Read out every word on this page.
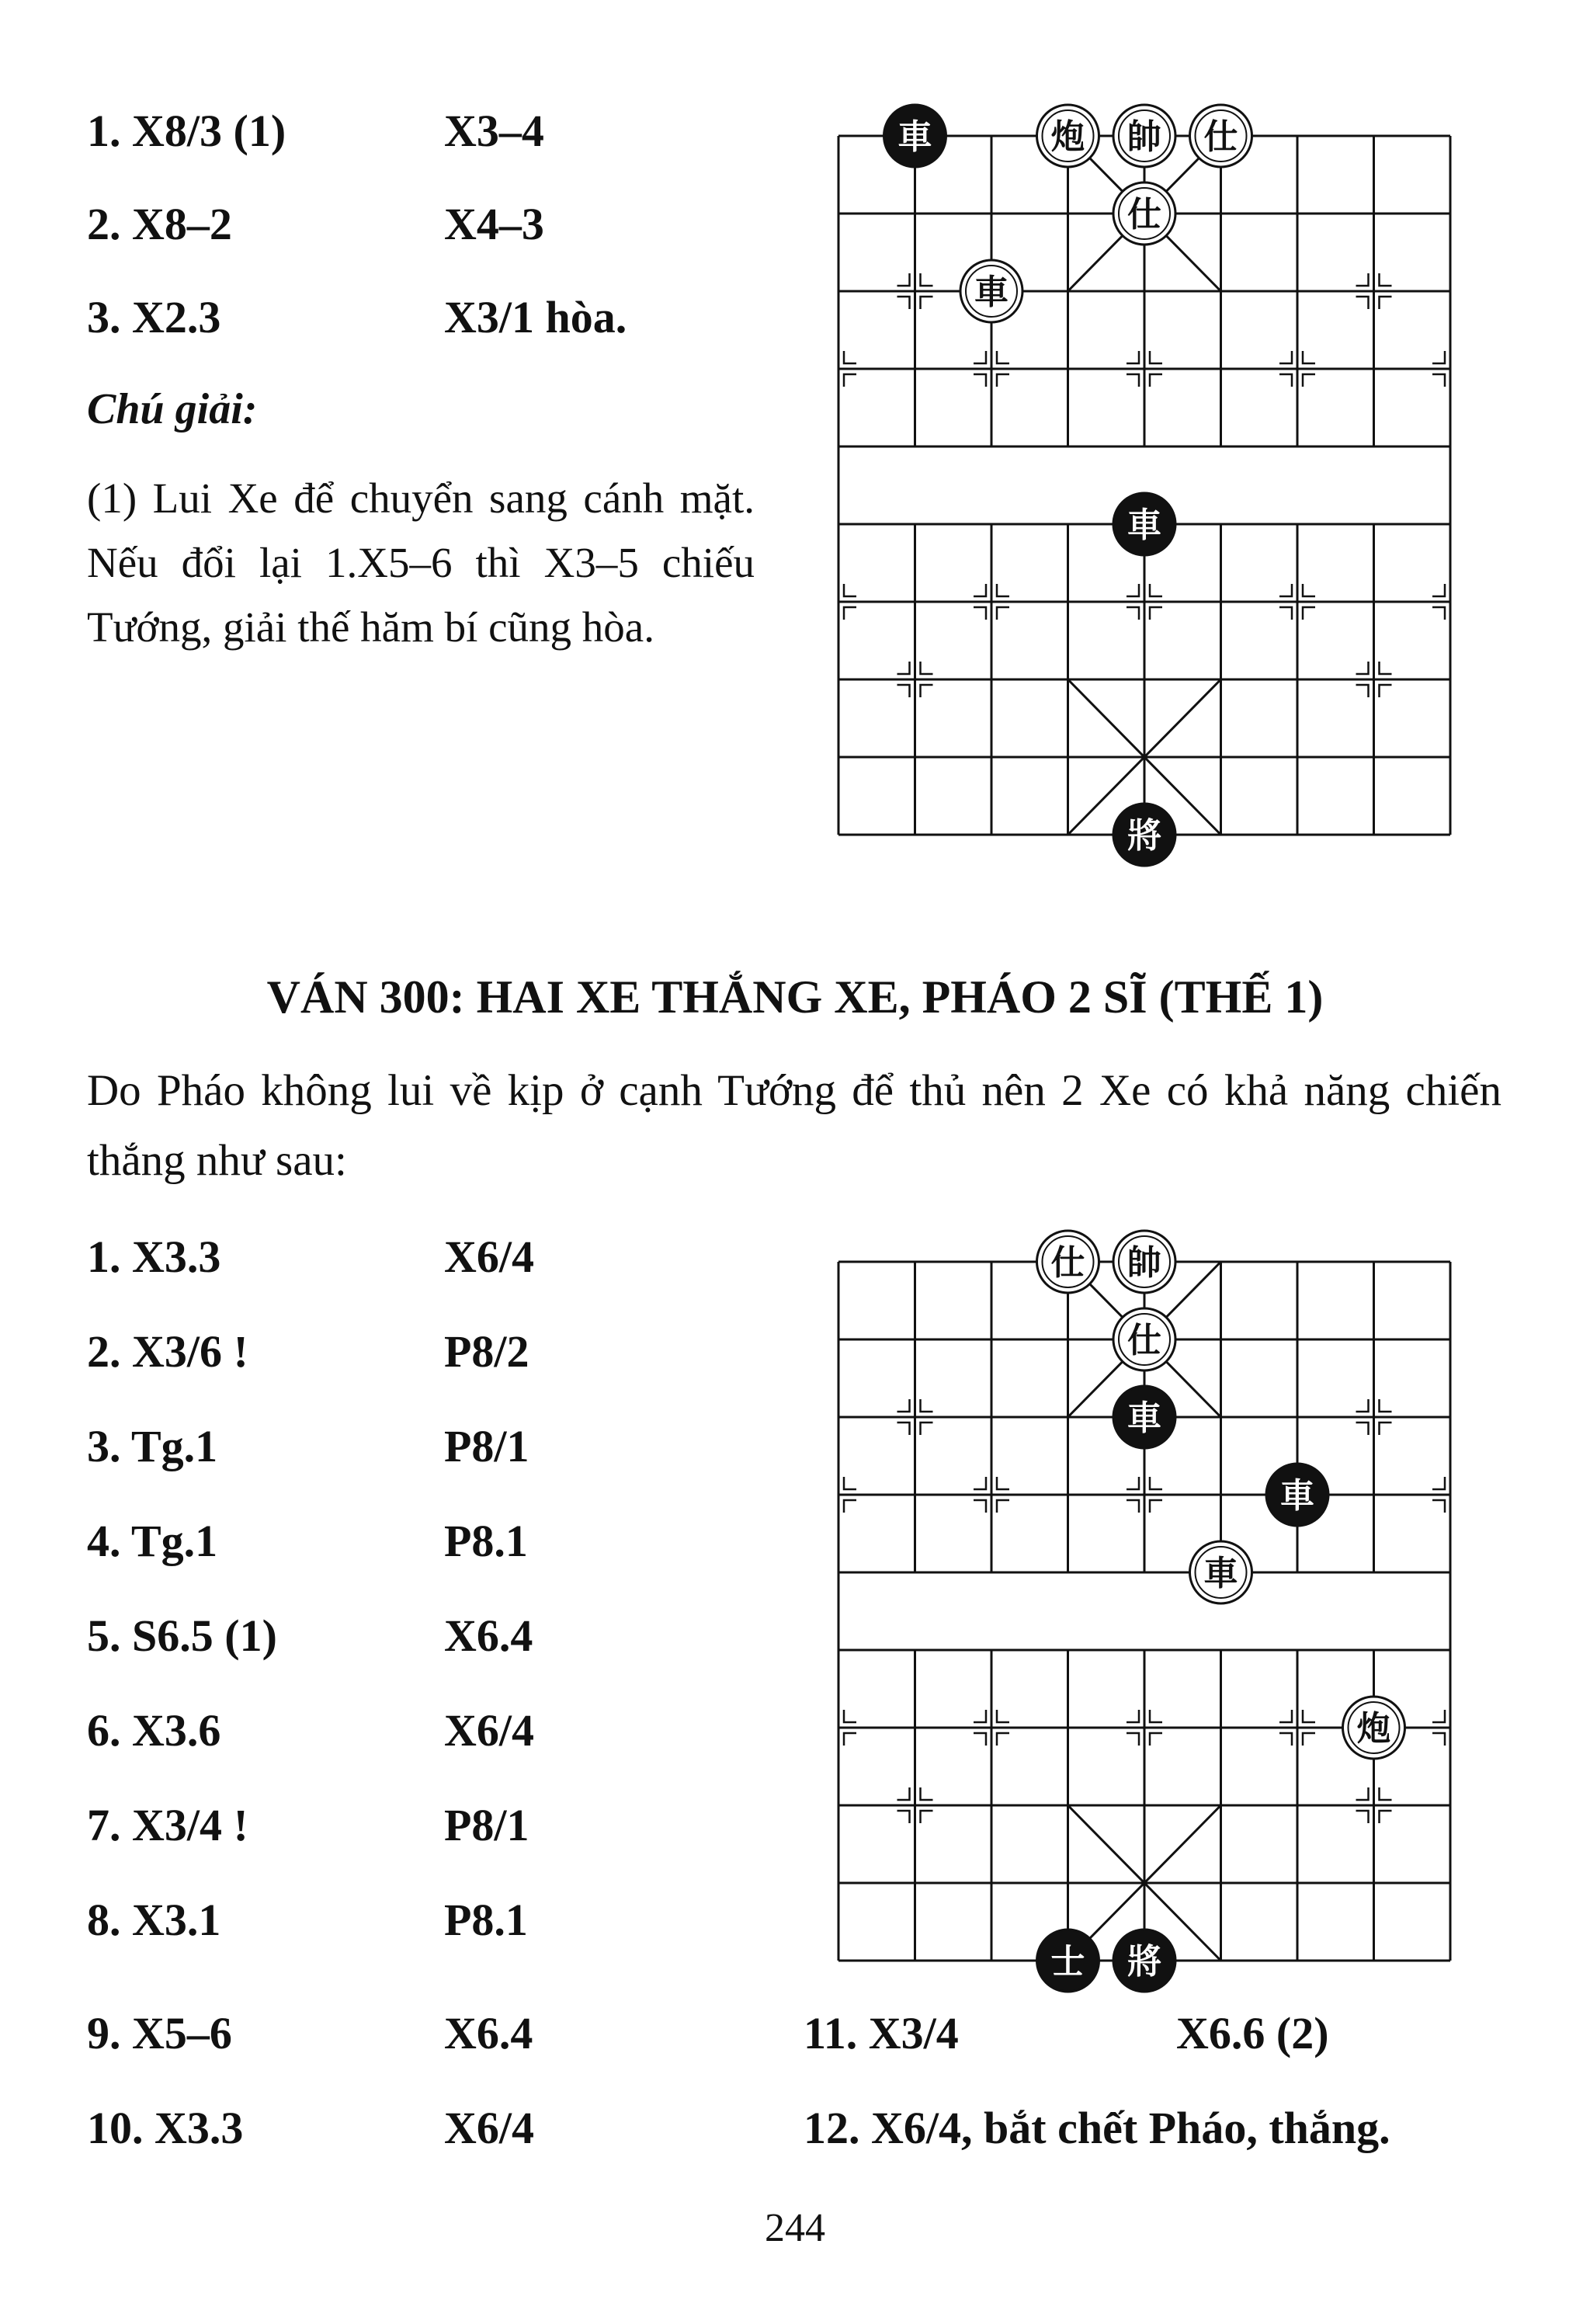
1. X8/3 (1)	X3–4
2. X8–2	X4–3
3. X2.3	X3/1 hòa.
Chú giải:
(1) Lui Xe để chuyển sang cánh mặt. Nếu đổi lại 1.X5–6 thì X3–5 chiếu Tướng, giải thế hăm bí cũng hòa.
車	炮 帥 仕
仕
車
車
將
VÁN 300: HAI XE THẮNG XE, PHÁO 2 SĨ (THẾ 1)
Do Pháo không lui về kịp ở cạnh Tướng để thủ nên 2 Xe có khả năng chiến thắng như sau:
1. X3.3	X6/4
2. X3/6 !	P8/2
3. Tg.1	P8/1
4. Tg.1	P8.1
5. S6.5 (1)	X6.4
6. X3.6	X6/4
7. X3/4 !	P8/1
8. X3.1	P8.1
9. X5–6	X6.4
10. X3.3	X6/4
11. X3/4	X6.6 (2)
12. X6/4, bắt chết Pháo, thắng.
仕 帥
仕
車
車
車
炮
士 將
244
